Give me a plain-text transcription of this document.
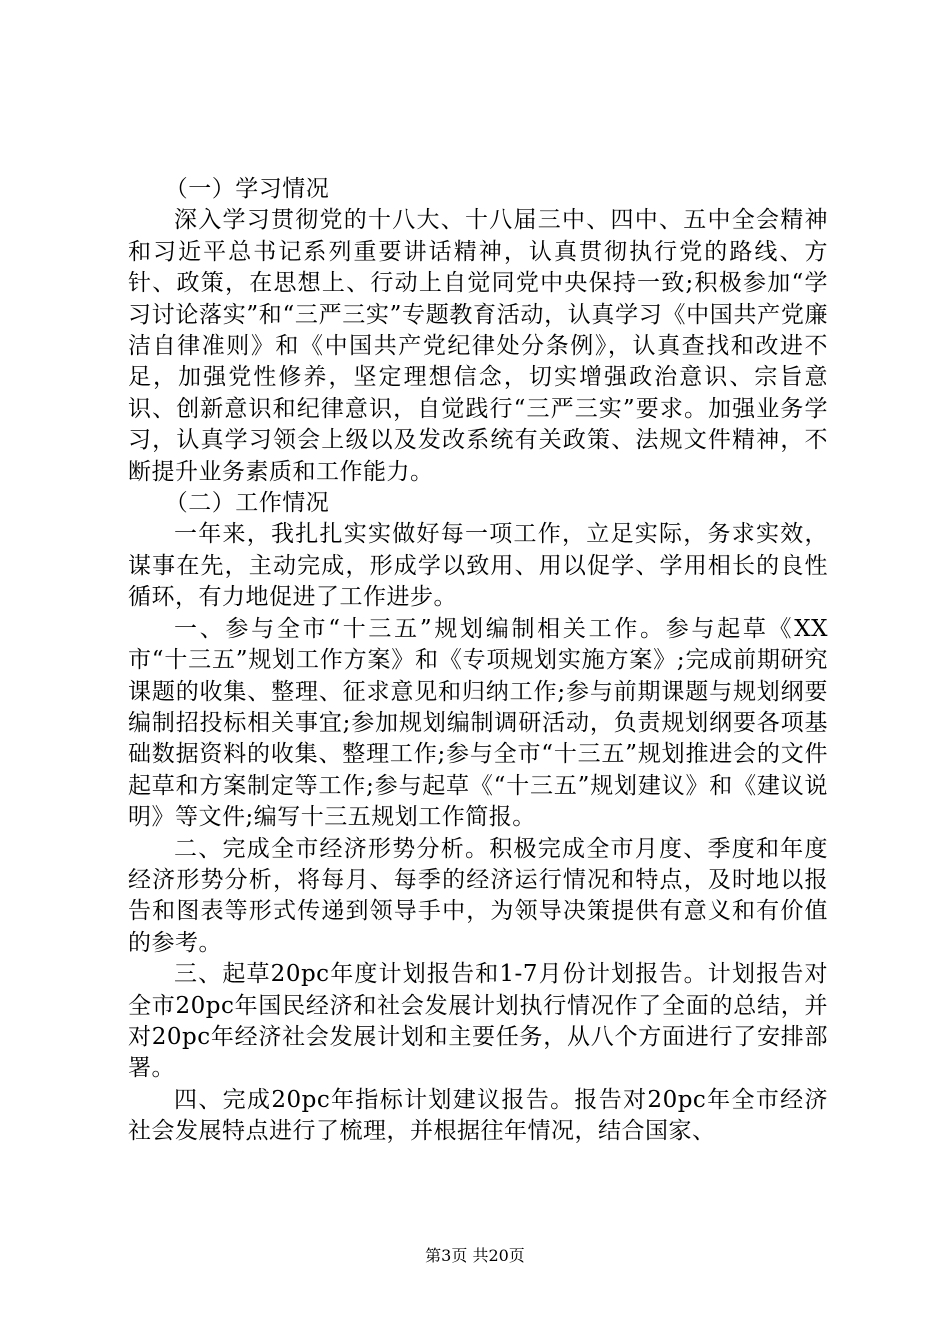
（一）学习情况

深入学习贯彻党的十八大、十八届三中、四中、五中全会精神和习近平总书记系列重要讲话精神，认真贯彻执行党的路线、方针、政策，在思想上、行动上自觉同党中央保持一致;积极参加“学习讨论落实”和“三严三实”专题教育活动，认真学习《中国共产党廉洁自律准则》和《中国共产党纪律处分条例》，认真查找和改进不足，加强党性修养，坚定理想信念，切实增强政治意识、宗旨意识、创新意识和纪律意识，自觉践行“三严三实”要求。加强业务学习，认真学习领会上级以及发改系统有关政策、法规文件精神，不断提升业务素质和工作能力。

（二）工作情况

一年来，我扎扎实实做好每一项工作，立足实际，务求实效，谋事在先，主动完成，形成学以致用、用以促学、学用相长的良性循环，有力地促进了工作进步。

一、参与全市“十三五”规划编制相关工作。参与起草《XX市“十三五”规划工作方案》和《专项规划实施方案》;完成前期研究课题的收集、整理、征求意见和归纳工作;参与前期课题与规划纲要编制招投标相关事宜;参加规划编制调研活动，负责规划纲要各项基础数据资料的收集、整理工作;参与全市“十三五”规划推进会的文件起草和方案制定等工作;参与起草《“十三五”规划建议》和《建议说明》等文件;编写十三五规划工作简报。

二、完成全市经济形势分析。积极完成全市月度、季度和年度经济形势分析，将每月、每季的经济运行情况和特点，及时地以报告和图表等形式传递到领导手中，为领导决策提供有意义和有价值的参考。

三、起草20pc年度计划报告和1-7月份计划报告。计划报告对全市20pc年国民经济和社会发展计划执行情况作了全面的总结，并对20pc年经济社会发展计划和主要任务，从八个方面进行了安排部署。

四、完成20pc年指标计划建议报告。报告对20pc年全市经济社会发展特点进行了梳理，并根据往年情况，结合国家、

第3页 共20页
